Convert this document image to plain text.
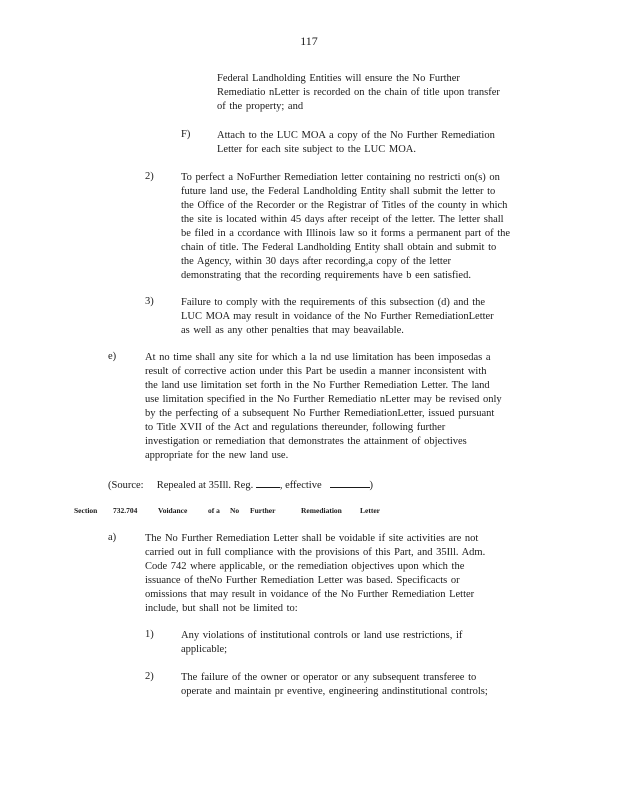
117
Federal Landholding Entities will ensure the No Further
Remediatio nLetter is recorded on the chain of title upon transfer
of the property; and
F)	Attach to the LUC MOA a copy of the No Further Remediation
Letter for each site subject to the LUC MOA.
2)	To perfect a NoFurther Remediation letter containing no restricti on(s) on
future land use, the Federal Landholding Entity shall submit the letter to
the Office of the Recorder or the Registrar of Titles of the county in which
the site is located within 45 days after receipt of the letter. The letter shall
be filed in a ccordance with Illinois law so it forms a permanent part of the
chain of title. The Federal Landholding Entity shall obtain and submit to
the Agency, within 30 days after recording,a copy of the letter
demonstrating that the recording requirements have b een satisfied.
3)	Failure to comply with the requirements of this subsection (d) and the
LUC MOA may result in voidance of the No Further RemediationLetter
as well as any other penalties that may beavailable.
e)	At no time shall any site for which a la nd use limitation has been imposedas a
result of corrective action under this Part be usedin a manner inconsistent with
the land use limitation set forth in the No Further Remediation Letter. The land
use limitation specified in the No Further Remediatio nLetter may be revised only
by the perfecting of a subsequent No Further RemediationLetter, issued pursuant
to Title XVII of the Act and regulations thereunder, following further
investigation or remediation that demonstrates the attainment of objectives
appropriate for the new land use.
(Source: Repealed at 35Ill. Reg.	, effective	)
Section 732.704	Voidance	of a No Further	Remediation Letter
a)	The No Further Remediation Letter shall be voidable if site activities are not
carried out in full compliance with the provisions of this Part, and 35Ill. Adm.
Code 742 where applicable, or the remediation objectives upon which the
issuance of theNo Further Remediation Letter was based. Specificacts or
omissions that may result in voidance of the No Further Remediation Letter
include, but shall not be limited to:
1)	Any violations of institutional controls or land use restrictions, if
applicable;
2)	The failure of the owner or operator or any subsequent transferee to
operate and maintain pr eventive, engineering andinstitutional controls;
